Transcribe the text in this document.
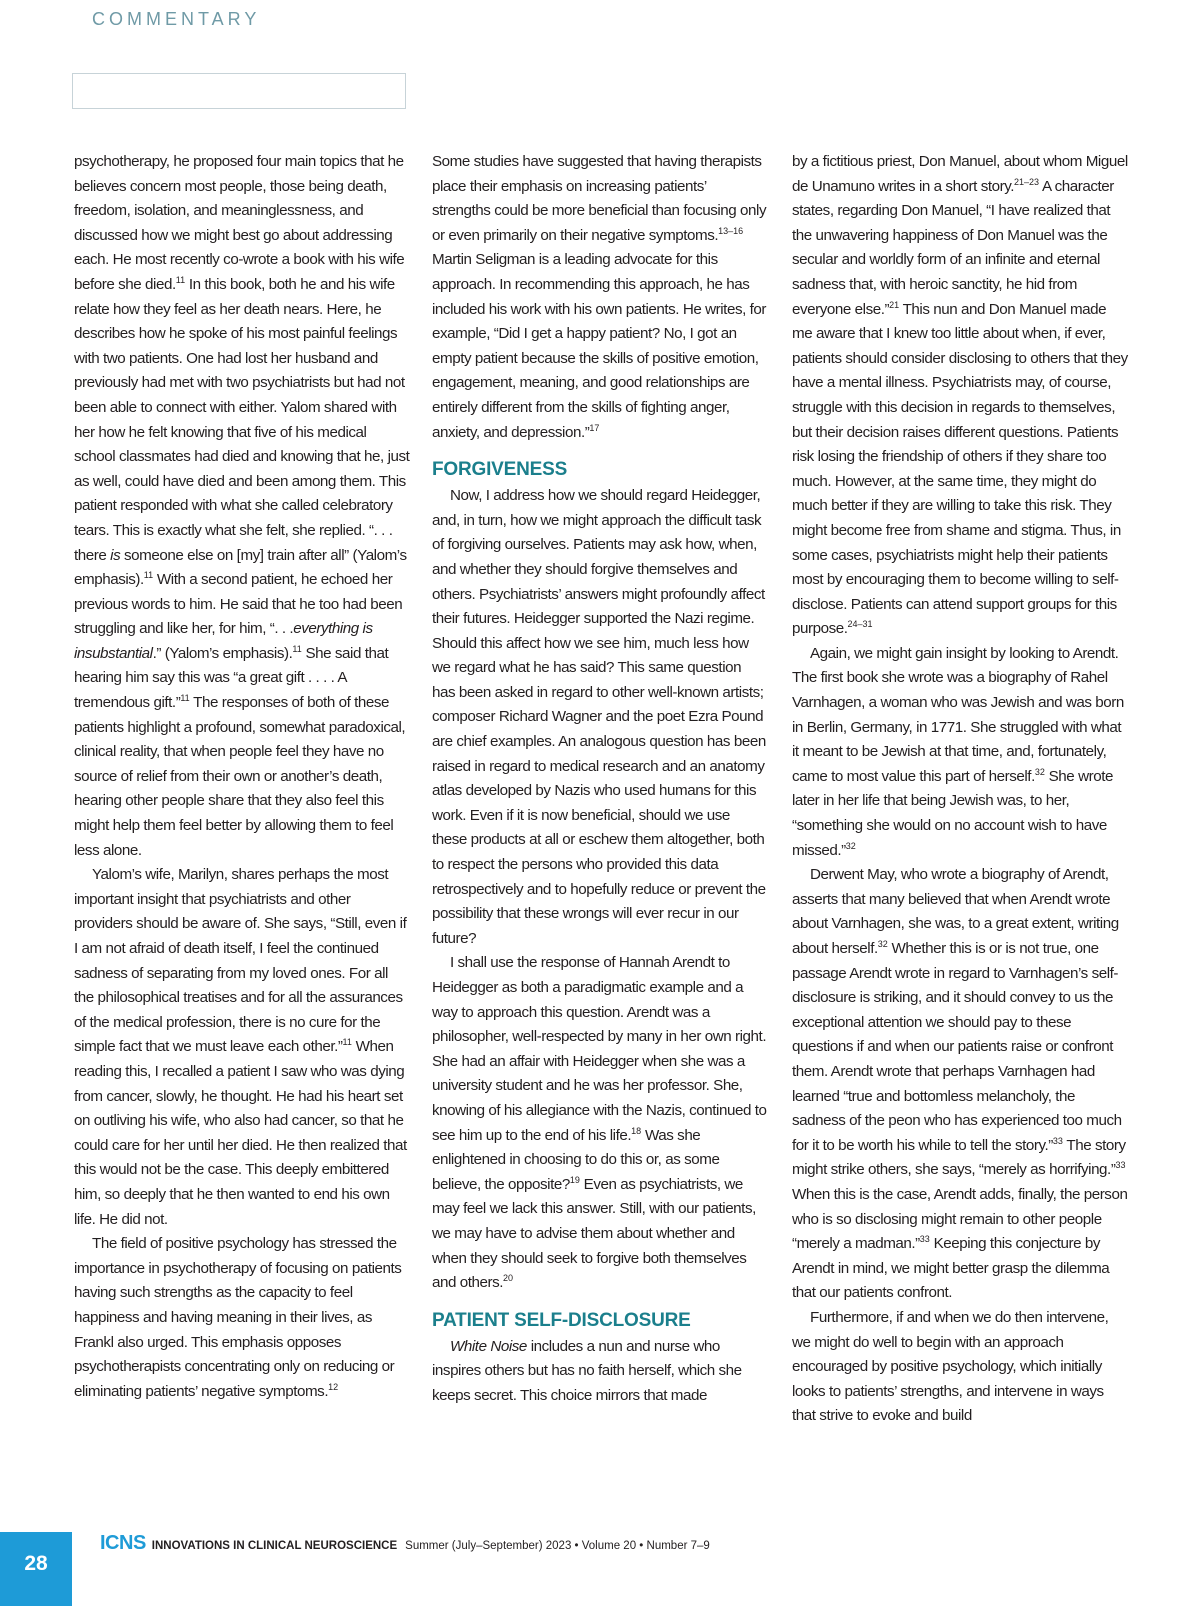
COMMENTARY

psychotherapy, he proposed four main topics that he believes concern most people, those being death, freedom, isolation, and meaninglessness, and discussed how we might best go about addressing each. He most recently co-wrote a book with his wife before she died.$^{11}$ In this book, both he and his wife relate how they feel as her death nears. Here, he describes how he spoke of his most painful feelings with two patients. One had lost her husband and previously had met with two psychiatrists but had not been able to connect with either. Yalom shared with her how he felt knowing that five of his medical school classmates had died and knowing that he, just as well, could have died and been among them. This patient responded with what she called celebratory tears. This is exactly what she felt, she replied. “. . . there is someone else on [my] train after all” (Yalom’s emphasis).$^{11}$ With a second patient, he echoed her previous words to him. He said that he too had been struggling and like her, for him, “. . .everything is insubstantial.” (Yalom’s emphasis).$^{11}$ She said that hearing him say this was “a great gift . . . . A tremendous gift.”$^{11}$ The responses of both of these patients highlight a profound, somewhat paradoxical, clinical reality, that when people feel they have no source of relief from their own or another’s death, hearing other people share that they also feel this might help them feel better by allowing them to feel less alone.

Yalom’s wife, Marilyn, shares perhaps the most important insight that psychiatrists and other providers should be aware of. She says, “Still, even if I am not afraid of death itself, I feel the continued sadness of separating from my loved ones. For all the philosophical treatises and for all the assurances of the medical profession, there is no cure for the simple fact that we must leave each other.”$^{11}$ When reading this, I recalled a patient I saw who was dying from cancer, slowly, he thought. He had his heart set on outliving his wife, who also had cancer, so that he could care for her until her died. He then realized that this would not be the case. This deeply embittered him, so deeply that he then wanted to end his own life. He did not.

The field of positive psychology has stressed the importance in psychotherapy of focusing on patients having such strengths as the capacity to feel happiness and having meaning in their lives, as Frankl also urged. This emphasis opposes psychotherapists concentrating only on reducing or eliminating patients’ negative symptoms.$^{12}$

Some studies have suggested that having therapists place their emphasis on increasing patients’ strengths could be more beneficial than focusing only or even primarily on their negative symptoms.$^{13-16}$ Martin Seligman is a leading advocate for this approach. In recommending this approach, he has included his work with his own patients. He writes, for example, “Did I get a happy patient? No, I got an empty patient because the skills of positive emotion, engagement, meaning, and good relationships are entirely different from the skills of fighting anger, anxiety, and depression.”$^{17}$

FORGIVENESS

Now, I address how we should regard Heidegger, and, in turn, how we might approach the difficult task of forgiving ourselves. Patients may ask how, when, and whether they should forgive themselves and others. Psychiatrists’ answers might profoundly affect their futures. Heidegger supported the Nazi regime. Should this affect how we see him, much less how we regard what he has said? This same question has been asked in regard to other well-known artists; composer Richard Wagner and the poet Ezra Pound are chief examples. An analogous question has been raised in regard to medical research and an anatomy atlas developed by Nazis who used humans for this work. Even if it is now beneficial, should we use these products at all or eschew them altogether, both to respect the persons who provided this data retrospectively and to hopefully reduce or prevent the possibility that these wrongs will ever recur in our future?

I shall use the response of Hannah Arendt to Heidegger as both a paradigmatic example and a way to approach this question. Arendt was a philosopher, well-respected by many in her own right. She had an affair with Heidegger when she was a university student and he was her professor. She, knowing of his allegiance with the Nazis, continued to see him up to the end of his life.$^{18}$ Was she enlightened in choosing to do this or, as some believe, the opposite?$^{19}$ Even as psychiatrists, we may feel we lack this answer. Still, with our patients, we may have to advise them about whether and when they should seek to forgive both themselves and others.$^{20}$

PATIENT SELF-DISCLOSURE

White Noise includes a nun and nurse who inspires others but has no faith herself, which she keeps secret. This choice mirrors that made

by a fictitious priest, Don Manuel, about whom Miguel de Unamuno writes in a short story.$^{21-23}$ A character states, regarding Don Manuel, “I have realized that the unwavering happiness of Don Manuel was the secular and worldly form of an infinite and eternal sadness that, with heroic sanctity, he hid from everyone else.”$^{21}$ This nun and Don Manuel made me aware that I knew too little about when, if ever, patients should consider disclosing to others that they have a mental illness. Psychiatrists may, of course, struggle with this decision in regards to themselves, but their decision raises different questions. Patients risk losing the friendship of others if they share too much. However, at the same time, they might do much better if they are willing to take this risk. They might become free from shame and stigma. Thus, in some cases, psychiatrists might help their patients most by encouraging them to become willing to self-disclose. Patients can attend support groups for this purpose.$^{24-31}$

Again, we might gain insight by looking to Arendt. The first book she wrote was a biography of Rahel Varnhagen, a woman who was Jewish and was born in Berlin, Germany, in 1771. She struggled with what it meant to be Jewish at that time, and, fortunately, came to most value this part of herself.$^{32}$ She wrote later in her life that being Jewish was, to her, “something she would on no account wish to have missed.”$^{32}$

Derwent May, who wrote a biography of Arendt, asserts that many believed that when Arendt wrote about Varnhagen, she was, to a great extent, writing about herself.$^{32}$ Whether this is or is not true, one passage Arendt wrote in regard to Varnhagen’s self-disclosure is striking, and it should convey to us the exceptional attention we should pay to these questions if and when our patients raise or confront them. Arendt wrote that perhaps Varnhagen had learned “true and bottomless melancholy, the sadness of the peon who has experienced too much for it to be worth his while to tell the story.”$^{33}$ The story might strike others, she says, “merely as horrifying.”$^{33}$ When this is the case, Arendt adds, finally, the person who is so disclosing might remain to other people “merely a madman.”$^{33}$ Keeping this conjecture by Arendt in mind, we might better grasp the dilemma that our patients confront.

Furthermore, if and when we do then intervene, we might do well to begin with an approach encouraged by positive psychology, which initially looks to patients’ strengths, and intervene in ways that strive to evoke and build

28
ICNS INNOVATIONS IN CLINICAL NEUROSCIENCE Summer (July–September) 2023 • Volume 20 • Number 7–9
